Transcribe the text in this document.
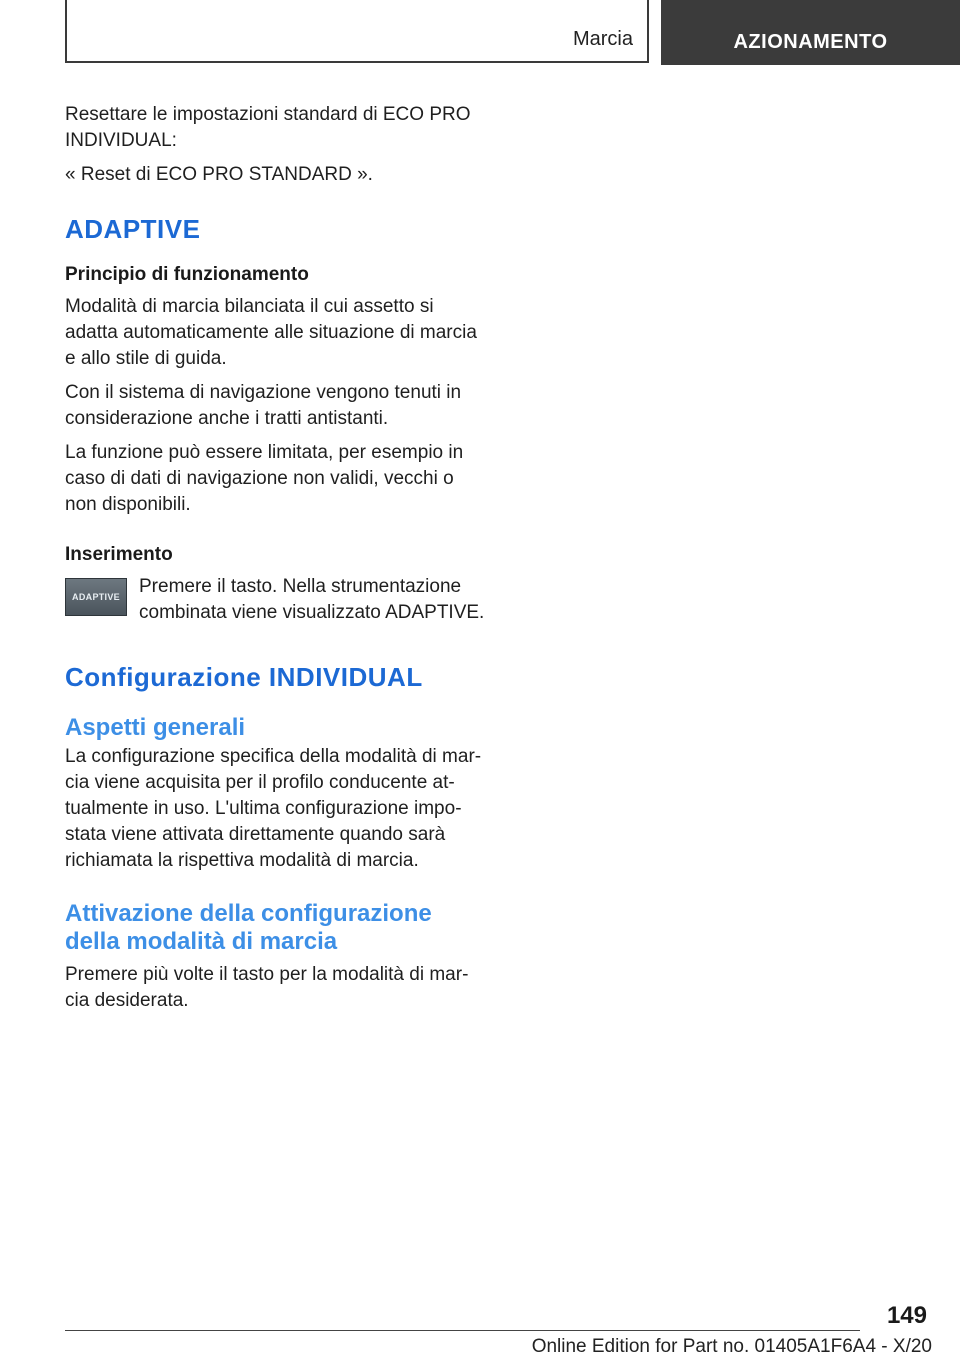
Marcia	AZIONAMENTO

Resettare le impostazioni standard di ECO PRO INDIVIDUAL:

« Reset di ECO PRO STANDARD ».

ADAPTIVE
Principio di funzionamento

Modalità di marcia bilanciata il cui assetto si adatta automaticamente alle situazione di marcia e allo stile di guida.

Con il sistema di navigazione vengono tenuti in considerazione anche i tratti antistanti.

La funzione può essere limitata, per esempio in caso di dati di navigazione non validi, vecchi o non disponibili.

Inserimento
ADAPTIVE	Premere il tasto. Nella strumentazione combinata viene visualizzato ADAPTIVE.

Configurazione INDIVIDUAL
Aspetti generali

La configurazione specifica della modalità di marcia viene acquisita per il profilo conducente attualmente in uso. L'ultima configurazione impostata viene attivata direttamente quando sarà richiamata la rispettiva modalità di marcia.

Attivazione della configurazione della modalità di marcia

Premere più volte il tasto per la modalità di marcia desiderata.

149
Online Edition for Part no. 01405A1F6A4 - X/20
